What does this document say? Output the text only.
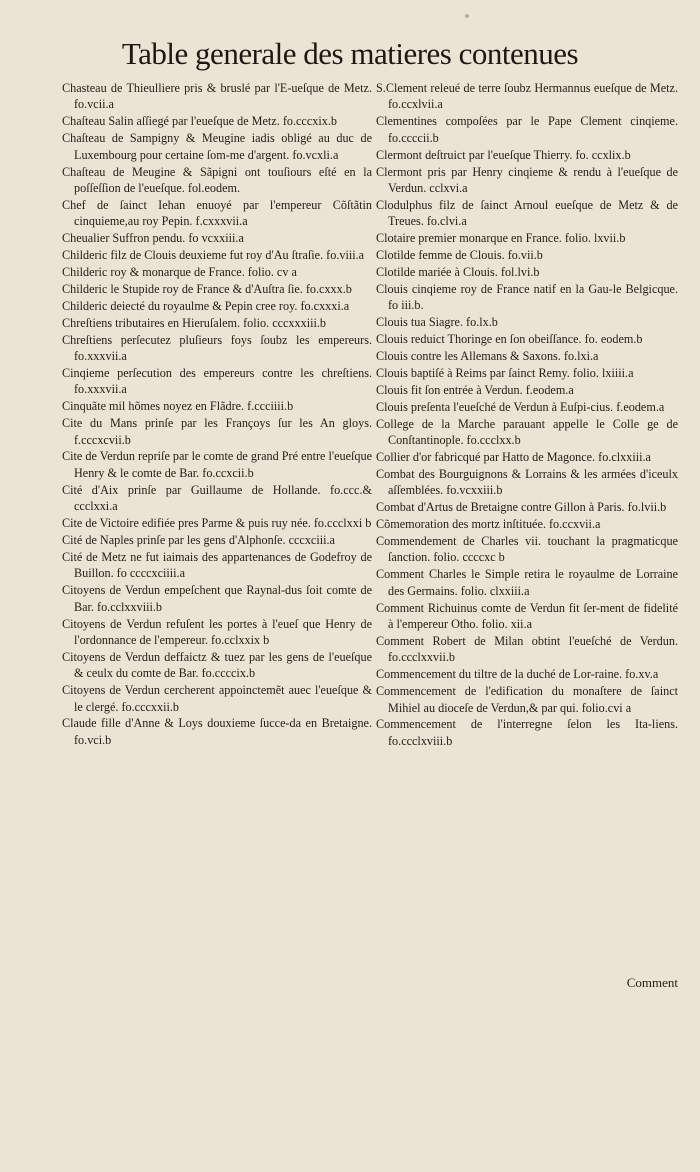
Table generale des matieres contenues
Chasteau de Thieulliere pris & bruslé par l'E-ueſque de Metz. fo.vcii.a
Chaſteau Salin aſſiegé par l'eueſque de Metz. fo.cccxix.b
Chaſteau de Sampigny & Meugine iadis obligé au duc de Luxembourg pour certaine ſom-me d'argent. fo.vcxli.a
Chaſteau de Meugine & Sãpigni ont touſiours eſté en la poſſeſſion de l'eueſque. fol.eodem.
Chef de ſainct Iehan enuoyé par l'empereur Cõſtãtin cinquieme,au roy Pepin. f.cxxxvii.a
Cheualier Suffron pendu. fo vcxxiii.a
Childeric filz de Clouis deuxieme fut roy d'Au ſtraſie. fo.viii.a
Childeric roy & monarque de France. folio. cv a
Childeric le Stupide roy de France & d'Auſtra ſie. fo.cxxx.b
Childeric deiecté du royaulme & Pepin cree roy. fo.cxxxi.a
Chreſtiens tributaires en Hieruſalem. folio. cccxxxiii.b
Chreſtiens perſecutez pluſieurs foys ſoubz les empereurs. fo.xxxvii.a
Cinqieme perſecution des empereurs contre les chreſtiens. fo.xxxvii.a
Cinquãte mil hõmes noyez en Flãdre. f.ccciiii.b
Cite du Mans prinſe par les Françoys ſur les An gloys. f.cccxcvii.b
Cite de Verdun repriſe par le comte de grand Pré entre l'eueſque Henry & le comte de Bar. fo.ccxcii.b
Cité d'Aix prinſe par Guillaume de Hollande. fo.ccc.& ccclxxi.a
Cite de Victoire edifiée pres Parme & puis ruy née. fo.ccclxxi b
Cité de Naples prinſe par les gens d'Alphonſe. cccxciii.a
Cité de Metz ne fut iaimais des appartenances de Godefroy de Buillon. fo ccccxciiii.a
Citoyens de Verdun empeſchent que Raynal-dus ſoit comte de Bar. fo.cclxxviii.b
Citoyens de Verdun refuſent les portes à l'eueſ que Henry de l'ordonnance de l'empereur. fo.cclxxix b
Citoyens de Verdun deffaictz & tuez par les gens de l'eueſque & ceulx du comte de Bar. fo.ccccix.b
Citoyens de Verdun cercherent appoinctemẽt auec l'eueſque & le clergé. fo.cccxxii.b
Claude fille d'Anne & Loys douxieme ſucce-da en Bretaigne. fo.vci.b
S.Clement releué de terre ſoubz Hermannus eueſque de Metz. fo.ccxlvii.a
Clementines compoſées par le Pape Clement cinqieme. fo.ccccii.b
Clermont deſtruict par l'eueſque Thierry. fo. ccxlix.b
Clermont pris par Henry cinqieme & rendu à l'eueſque de Verdun. cclxvi.a
Clodulphus filz de ſainct Arnoul eueſque de Metz & de Treues. fo.clvi.a
Clotaire premier monarque en France. folio. lxvii.b
Clotilde femme de Clouis. fo.vii.b
Clotilde mariée à Clouis. fol.lvi.b
Clouis cinqieme roy de France natif en la Gau-le Belgicque. fo iii.b.
Clouis tua Siagre. fo.lx.b
Clouis reduict Thoringe en ſon obeiſſance. fo. eodem.b
Clouis contre les Allemans & Saxons. fo.lxi.a
Clouis baptiſé à Reims par ſainct Remy. folio. lxiiii.a
Clouis fit ſon entrée à Verdun. f.eodem.a
Clouis preſenta l'eueſché de Verdun à Euſpi-cius. f.eodem.a
College de la Marche parauant appelle le Colle ge de Conſtantinople. fo.ccclxx.b
Collier d'or fabricqué par Hatto de Magonce. fo.clxxiii.a
Combat des Bourguignons & Lorrains & les armées d'iceulx aſſemblées. fo.vcxxiii.b
Combat d'Artus de Bretaigne contre Gillon à Paris. fo.lvii.b
Cõmemoration des mortz inſtituée. fo.ccxvii.a
Commendement de Charles vii. touchant la pragmaticque ſanction. folio. ccccxc b
Comment Charles le Simple retira le royaulme de Lorraine des Germains. folio. clxxiii.a
Comment Richuinus comte de Verdun fit ſer-ment de fidelité à l'empereur Otho. folio. xii.a
Comment Robert de Milan obtint l'eueſché de Verdun. fo.ccclxxvii.b
Commencement du tiltre de la duché de Lor-raine. fo.xv.a
Commencement de l'edification du monaſtere de ſainct Mihiel au dioceſe de Verdun,& par qui. folio.cvi a
Commencement de l'interregne ſelon les Ita-liens. fo.ccclxviii.b
Comment
